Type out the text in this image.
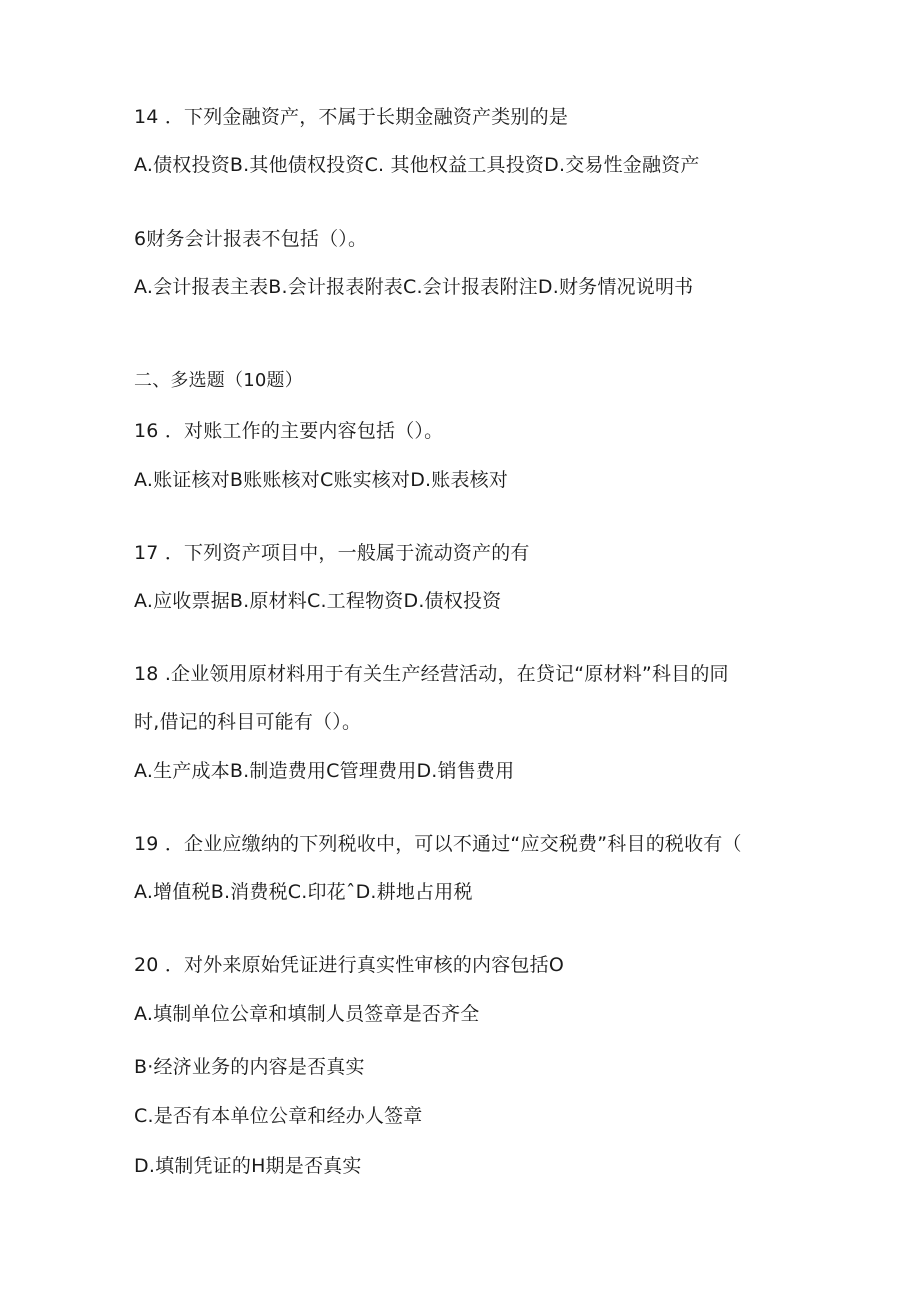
14 ．下列金融资产，不属于长期金融资产类别的是
A.债权投资B.其他债权投资C. 其他权益工具投资D.交易性金融资产
6财务会计报表不包括（）。
A.会计报表主表B.会计报表附表C.会计报表附注D.财务情况说明书
二、多选题（10题）
16 ．对账工作的主要内容包括（）。
A.账证核对B账账核对C账实核对D.账表核对
17 ．下列资产项目中，一般属于流动资产的有
A.应收票据B.原材料C.工程物资D.债权投资
18 .企业领用原材料用于有关生产经营活动，在贷记“原材料”科目的同
时,借记的科目可能有（）。
A.生产成本B.制造费用C管理费用D.销售费用
19 ．企业应缴纳的下列税收中，可以不通过“应交税费”科目的税收有（
A.增值税B.消费税C.印花ˆD.耕地占用税
20 ．对外来原始凭证进行真实性审核的内容包括O
A.填制单位公章和填制人员签章是否齐全
B·经济业务的内容是否真实
C.是否有本单位公章和经办人签章
D.填制凭证的H期是否真实
